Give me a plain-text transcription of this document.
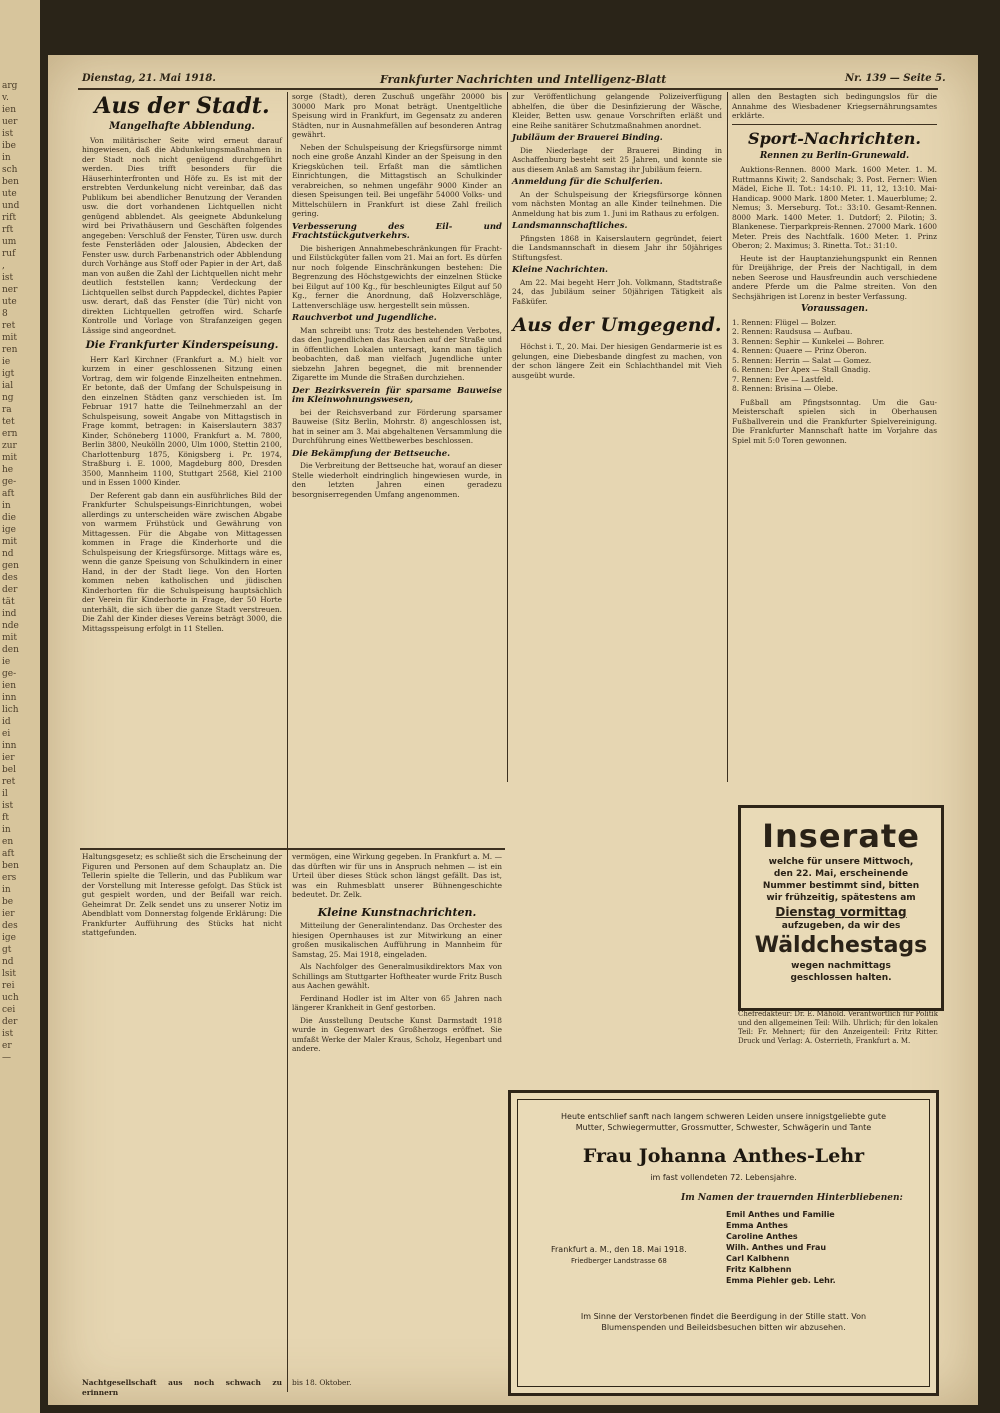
arg
v.
ien
uer
ist
ibe
in
sch
ben
ute
und
rift
rft
um
ruf
,
ist
ner
ute
8
ret
mit
ren
ie
igt
ial
ng
ra
tet
ern
zur
mit
he
ge-
aft
in
die
ige
mit
nd
gen
des
der
tät
ind
nde
mit
den
ie
ge-
ien
inn
lich
id
ei
inn
ier
bel
ret
il
ist
ft
in
en
aft
ben
ers
in
be
ier
des
ige
gt
nd
lsit
rei
uch
cei
der
ist
er
—
Dienstag, 21. Mai 1918.	Frankfurter Nachrichten und Intelligenz-Blatt	Nr. 139 — Seite 5.
Aus der Stadt.
Mangelhafte Abblendung.

Von militärischer Seite wird erneut darauf hingewiesen, daß die Abdunkelungsmaßnahmen in der Stadt noch nicht genügend durchgeführt werden. Dies trifft besonders für die Häuserhinterfronten und Höfe zu. Es ist mit der erstrebten Verdunkelung nicht vereinbar, daß das Publikum bei abendlicher Benutzung der Veranden usw. die dort vorhandenen Lichtquellen nicht genügend abblendet. Als geeignete Abdunkelung wird bei Privathäusern und Geschäften folgendes angegeben: Verschluß der Fenster, Türen usw. durch feste Fensterläden oder Jalousien, Abdecken der Fenster usw. durch Farbenanstrich oder Abblendung durch Vorhänge aus Stoff oder Papier in der Art, daß man von außen die Zahl der Lichtquellen nicht mehr deutlich feststellen kann; Verdeckung der Lichtquellen selbst durch Pappdeckel, dichtes Papier usw. derart, daß das Fenster (die Tür) nicht von direkten Lichtquellen getroffen wird. Scharfe Kontrolle und Vorlage von Strafanzeigen gegen Lässige sind angeordnet.

Die Frankfurter Kinderspeisung.

Herr Karl Kirchner (Frankfurt a. M.) hielt vor kurzem in einer geschlossenen Sitzung einen Vortrag, dem wir folgende Einzelheiten entnehmen. Er betonte, daß der Umfang der Schulspeisung in den einzelnen Städten ganz verschieden ist. Im Februar 1917 hatte die Teilnehmerzahl an der Schulspeisung, soweit Angabe von Mittagstisch in Frage kommt, betragen: in Kaiserslautern 3837 Kinder, Schöneberg 11000, Frankfurt a. M. 7800, Berlin 3800, Neukölln 2000, Ulm 1000, Stettin 2100, Charlottenburg 1875, Königsberg i. Pr. 1974, Straßburg i. E. 1000, Magdeburg 800, Dresden 3500, Mannheim 1100, Stuttgart 2568, Kiel 2100 und in Essen 1000 Kinder.

Der Referent gab dann ein ausführliches Bild der Frankfurter Schulspeisungs-Einrichtungen, wobei allerdings zu unterscheiden wäre zwischen Abgabe von warmem Frühstück und Gewährung von Mittagessen. Für die Abgabe von Mittagessen kommen in Frage die Kinderhorte und die Schulspeisung der Kriegsfürsorge. Mittags wäre es, wenn die ganze Speisung von Schulkindern in einer Hand, in der der Stadt liege. Von den Horten kommen neben katholischen und jüdischen Kinderhorten für die Schulspeisung hauptsächlich der Verein für Kinderhorte in Frage, der 50 Horte unterhält, die sich über die ganze Stadt verstreuen. Die Zahl der Kinder dieses Vereins beträgt 3000, die Mittagsspeisung erfolgt in 11 Stellen.

sorge (Stadt), deren Zuschuß ungefähr 20000 bis 30000 Mark pro Monat beträgt. Unentgeltliche Speisung wird in Frankfurt, im Gegensatz zu anderen Städten, nur in Ausnahmefällen auf besonderen Antrag gewährt.

Neben der Schulspeisung der Kriegsfürsorge nimmt noch eine große Anzahl Kinder an der Speisung in den Kriegsküchen teil. Erfaßt man die sämtlichen Einrichtungen, die Mittagstisch an Schulkinder verabreichen, so nehmen ungefähr 9000 Kinder an diesen Speisungen teil. Bei ungefähr 54000 Volks- und Mittelschülern in Frankfurt ist diese Zahl freilich gering.

Verbesserung des Eil- und Frachtstückgutverkehrs.

Die bisherigen Annahmebeschränkungen für Fracht- und Eilstückgüter fallen vom 21. Mai an fort. Es dürfen nur noch folgende Einschränkungen bestehen: Die Begrenzung des Höchstgewichts der einzelnen Stücke bei Eilgut auf 100 Kg., für beschleunigtes Eilgut auf 50 Kg., ferner die Anordnung, daß Holzverschläge, Lattenverschläge usw. hergestellt sein müssen.

Rauchverbot und Jugendliche.

Man schreibt uns: Trotz des bestehenden Verbotes, das den Jugendlichen das Rauchen auf der Straße und in öffentlichen Lokalen untersagt, kann man täglich beobachten, daß man vielfach Jugendliche unter siebzehn Jahren begegnet, die mit brennender Zigarette im Munde die Straßen durchziehen.

Der Bezirksverein für sparsame Bauweise im Kleinwohnungswesen,

bei der Reichsverband zur Förderung sparsamer Bauweise (Sitz Berlin, Mohrstr. 8) angeschlossen ist, hat in seiner am 3. Mai abgehaltenen Versammlung die Durchführung eines Wettbewerbes beschlossen.

Die Bekämpfung der Bettseuche.

Die Verbreitung der Bettseuche hat, worauf an dieser Stelle wiederholt eindringlich hingewiesen wurde, in den letzten Jahren einen geradezu besorgniserregenden Umfang angenommen.

zur Veröffentlichung gelangende Polizeiverfügung abhelfen, die über die Desinfizierung der Wäsche, Kleider, Betten usw. genaue Vorschriften erläßt und eine Reihe sanitärer Schutzmaßnahmen anordnet.

Jubiläum der Brauerei Binding.

Die Niederlage der Brauerei Binding in Aschaffenburg besteht seit 25 Jahren, und konnte sie aus diesem Anlaß am Samstag ihr Jubiläum feiern.

Anmeldung für die Schulferien.

An der Schulspeisung der Kriegsfürsorge können vom nächsten Montag an alle Kinder teilnehmen. Die Anmeldung hat bis zum 1. Juni im Rathaus zu erfolgen.

Landsmannschaftliches.

Pfingsten 1868 in Kaiserslautern gegründet, feiert die Landsmannschaft in diesem Jahr ihr 50jähriges Stiftungsfest.

Kleine Nachrichten.

Am 22. Mai begeht Herr Joh. Volkmann, Stadtstraße 24, das Jubiläum seiner 50jährigen Tätigkeit als Faßküfer.

Aus der Umgegend.

Höchst i. T., 20. Mai. Der hiesigen Gendarmerie ist es gelungen, eine Diebesbande dingfest zu machen, von der schon längere Zeit ein Schlachthandel mit Vieh ausgeübt wurde.

allen den Bestagten sich bedingungslos für die Annahme des Wiesbadener Kriegsernährungsamtes erklärte.

Sport-Nachrichten.
Rennen zu Berlin-Grunewald.

Auktions-Rennen. 8000 Mark. 1600 Meter. 1. M. Ruttmanns Kiwit; 2. Sandschak; 3. Post. Ferner: Wien Mädel, Eiche II. Tot.: 14:10. Pl. 11, 12, 13:10. Mai-Handicap. 9000 Mark. 1800 Meter. 1. Mauerblume; 2. Nemus; 3. Merseburg. Tot.: 33:10. Gesamt-Rennen. 8000 Mark. 1400 Meter. 1. Dutdorf; 2. Pilotin; 3. Blankenese. Tierparkpreis-Rennen. 27000 Mark. 1600 Meter. Preis des Nachtfalk. 1600 Meter. 1. Prinz Oberon; 2. Maximus; 3. Rinetta. Tot.: 31:10.

Heute ist der Hauptanziehungspunkt ein Rennen für Dreijährige, der Preis der Nachtigall, in dem neben Seerose und Hausfreundin auch verschiedene andere Pferde um die Palme streiten. Von den Sechsjährigen ist Lorenz in bester Verfassung.

Voraussagen.
1. Rennen: Flügel — Bolzer.
2. Rennen: Raudsusa — Aufbau.
3. Rennen: Sephir — Kunkelei — Bohrer.
4. Rennen: Quaere — Prinz Oberon.
5. Rennen: Herrin — Salat — Gomez.
6. Rennen: Der Apex — Stall Gnadig.
7. Rennen: Eve — Lastfeld.
8. Rennen: Brisina — Olebe.

Fußball am Pfingstsonntag. Um die Gau-Meisterschaft spielen sich in Oberhausen Fußballverein und die Frankfurter Spielvereinigung. Die Frankfurter Mannschaft hatte im Vorjahre das Spiel mit 5:0 Toren gewonnen.

Inserate
welche für unsere Mittwoch,
den 22. Mai, erscheinende
Nummer bestimmt sind, bitten
wir frühzeitig, spätestens am
Dienstag vormittag
aufzugeben, da wir des
Wäldchestags
wegen nachmittags
geschlossen halten.
Chefredakteur: Dr. E. Mähold. Verantwortlich für Politik und den allgemeinen Teil: Wilh. Uhrlich; für den lokalen Teil: Fr. Mehnert; für den Anzeigenteil: Fritz Ritter. Druck und Verlag: A. Osterrieth, Frankfurt a. M.

Haltungsgesetz; es schließt sich die Erscheinung der Figuren und Personen auf dem Schauplatz an. Die Tellerin spielte die Tellerin, und das Publikum war der Vorstellung mit Interesse gefolgt. Das Stück ist gut gespielt worden, und der Beifall war reich. Geheimrat Dr. Zelk sendet uns zu unserer Notiz im Abendblatt vom Donnerstag folgende Erklärung: Die Frankfurter Aufführung des Stücks hat nicht stattgefunden.

Nachtgesellschaft aus noch schwach zu erinnern

vermögen, eine Wirkung gegeben. In Frankfurt a. M. — das dürften wir für uns in Anspruch nehmen — ist ein Urteil über dieses Stück schon längst gefällt. Das ist, was ein Ruhmesblatt unserer Bühnengeschichte bedeutet. Dr. Zelk.

Kleine Kunstnachrichten.

Mitteilung der Generalintendanz. Das Orchester des hiesigen Opernhauses ist zur Mitwirkung an einer großen musikalischen Aufführung in Mannheim für Samstag, 25. Mai 1918, eingeladen.

Als Nachfolger des Generalmusikdirektors Max von Schillings am Stuttgarter Hoftheater wurde Fritz Busch aus Aachen gewählt.

Ferdinand Hodler ist im Alter von 65 Jahren nach längerer Krankheit in Genf gestorben.

Die Ausstellung Deutsche Kunst Darmstadt 1918 wurde in Gegenwart des Großherzogs eröffnet. Sie umfaßt Werke der Maler Kraus, Scholz, Hegenbart und andere.

bis 18. Oktober.
Heute entschlief sanft nach langem schweren Leiden unsere innigstgeliebte gute Mutter, Schwiegermutter, Grossmutter, Schwester, Schwägerin und Tante
Frau Johanna Anthes-Lehr
im fast vollendeten 72. Lebensjahre.
Im Namen der trauernden Hinterbliebenen:
Emil Anthes und Familie
Emma Anthes
Caroline Anthes
Wilh. Anthes und Frau
Carl Kalbhenn
Fritz Kalbhenn
Emma Piehler geb. Lehr.
Frankfurt a. M., den 18. Mai 1918.
Friedberger Landstrasse 68
Im Sinne der Verstorbenen findet die Beerdigung in der Stille statt. Von Blumenspenden und Beileidsbesuchen bitten wir abzusehen.
